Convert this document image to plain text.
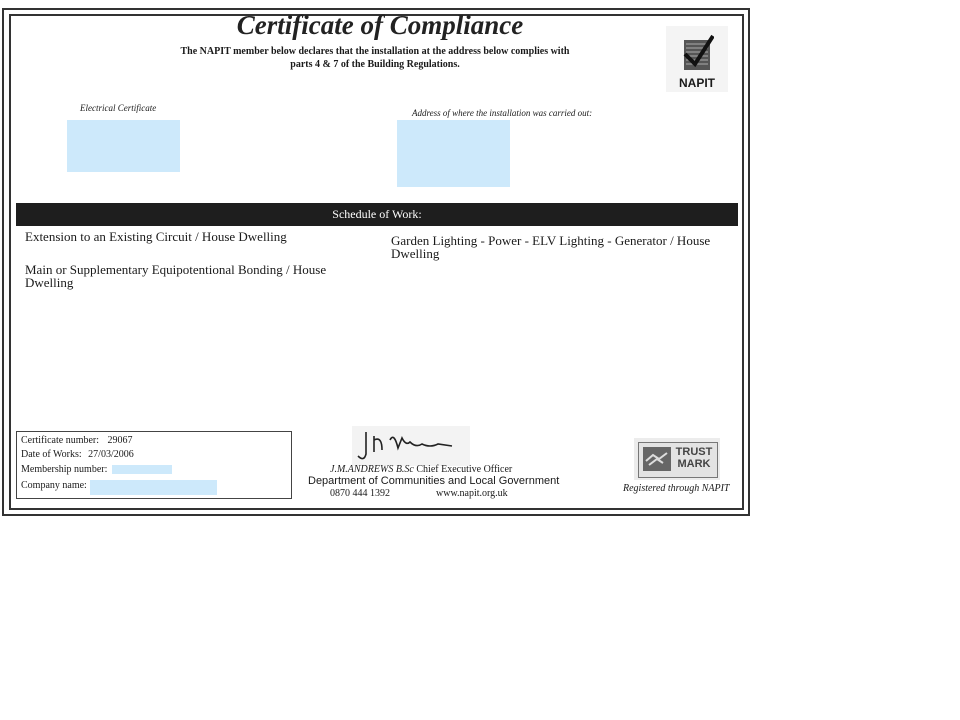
Certificate of Compliance
The NAPIT member below declares that the installation at the address below complies with
parts 4 & 7 of the Building Regulations.
NAPIT
Electrical Certificate	Address of where the installation was carried out:
Schedule of Work:
Extension to an Existing Circuit / House Dwelling
Main or Supplementary Equipotentional Bonding / House Dwelling
Garden Lighting - Power - ELV Lighting - Generator / House Dwelling
Certificate number: 29067
Date of Works: 27/03/2006
Membership number:
Company name:
J.M.ANDREWS B.Sc Chief Executive Officer
Department of Communities and Local Government
0870 444 1392	www.napit.org.uk
TRUST
MARK
Registered through NAPIT
